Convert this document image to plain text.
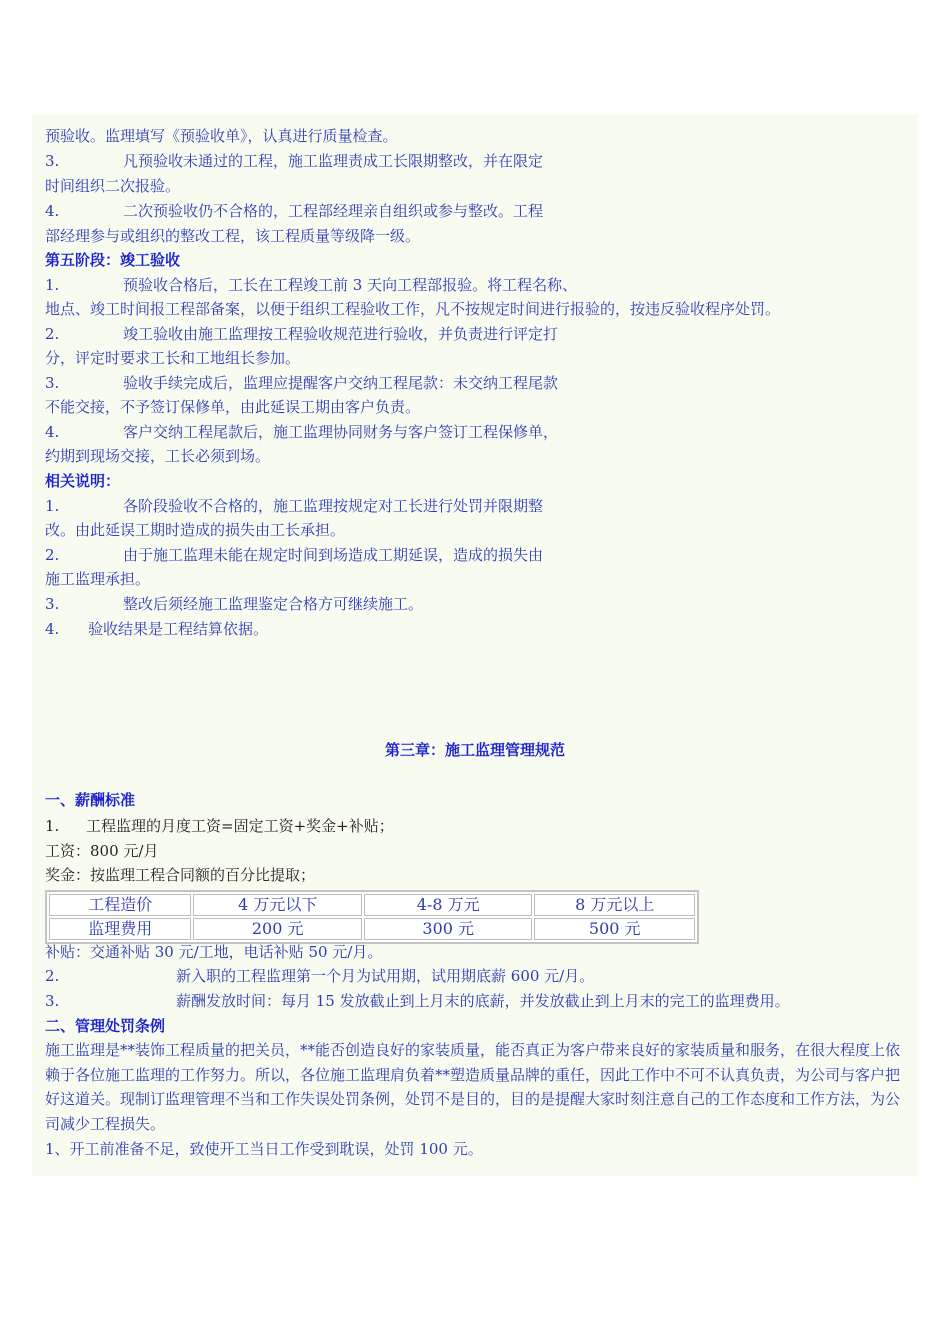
预验收。监理填写《预验收单》，认真进行质量检查。
3.	凡预验收未通过的工程，施工监理责成工长限期整改，并在限定
时间组织二次报验。
4.	二次预验收仍不合格的，工程部经理亲自组织或参与整改。工程
部经理参与或组织的整改工程，该工程质量等级降一级。
第五阶段：竣工验收
1.	预验收合格后，工长在工程竣工前 3 天向工程部报验。将工程名称、
地点、竣工时间报工程部备案，以便于组织工程验收工作，凡不按规定时间进行报验的，按违反验收程序处罚。
2.	竣工验收由施工监理按工程验收规范进行验收，并负责进行评定打
分，评定时要求工长和工地组长参加。
3.	验收手续完成后，监理应提醒客户交纳工程尾款：未交纳工程尾款
不能交接，不予签订保修单，由此延误工期由客户负责。
4.	客户交纳工程尾款后，施工监理协同财务与客户签订工程保修单，
约期到现场交接，工长必须到场。
相关说明：
1.	各阶段验收不合格的，施工监理按规定对工长进行处罚并限期整
改。由此延误工期时造成的损失由工长承担。
2.	由于施工监理未能在规定时间到场造成工期延误，造成的损失由
施工监理承担。
3.	整改后须经施工监理鉴定合格方可继续施工。
4. 验收结果是工程结算依据。
第三章：施工监理管理规范
一、薪酬标准
1. 工程监理的月度工资=固定工资+奖金+补贴；
工资：800 元/月
奖金：按监理工程合同额的百分比提取；
工程造价	4 万元以下	4-8 万元	8 万元以上
监理费用	200 元	300 元	500 元
补贴：交通补贴 30 元/工地，电话补贴 50 元/月。
2.	新入职的工程监理第一个月为试用期，试用期底薪 600 元/月。
3.	薪酬发放时间：每月 15 发放截止到上月末的底薪，并发放截止到上月末的完工的监理费用。
二、管理处罚条例
施工监理是**装饰工程质量的把关员，**能否创造良好的家装质量，能否真正为客户带来良好的家装质量和服务，在很大程度上依赖于各位施工监理的工作努力。所以，各位施工监理肩负着**塑造质量品牌的重任，因此工作中不可不认真负责，为公司与客户把好这道关。现制订监理管理不当和工作失误处罚条例，处罚不是目的，目的是提醒大家时刻注意自己的工作态度和工作方法，为公司减少工程损失。
1、开工前准备不足，致使开工当日工作受到耽误，处罚 100 元。
